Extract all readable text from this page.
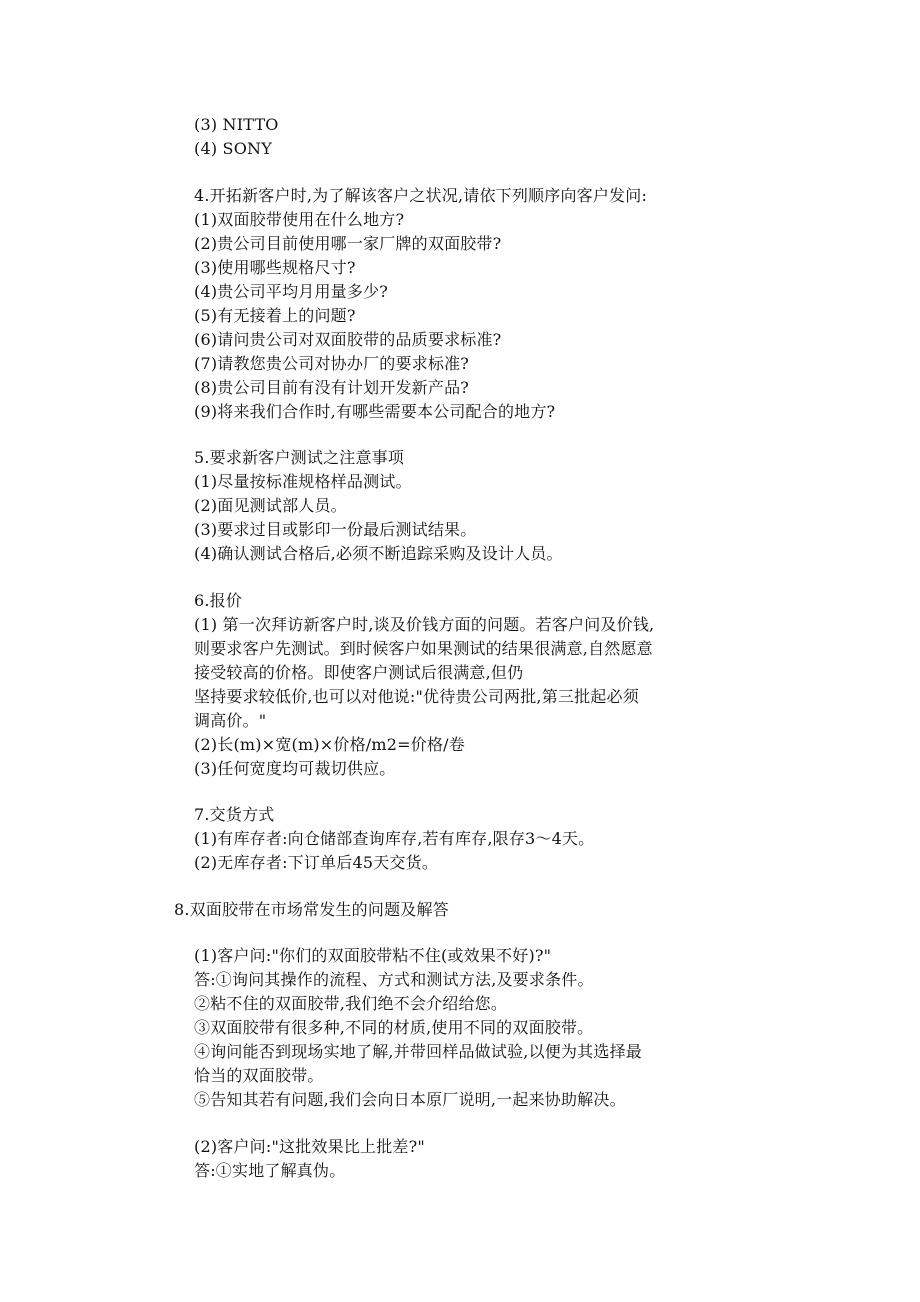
(3) NITTO
(4) SONY
4.开拓新客户时,为了解该客户之状况,请依下列顺序向客户发问:
(1)双面胶带使用在什么地方?
(2)贵公司目前使用哪一家厂牌的双面胶带?
(3)使用哪些规格尺寸?
(4)贵公司平均月用量多少?
(5)有无接着上的问题?
(6)请问贵公司对双面胶带的品质要求标准?
(7)请教您贵公司对协办厂的要求标准?
(8)贵公司目前有没有计划开发新产品?
(9)将来我们合作时,有哪些需要本公司配合的地方?
5.要求新客户测试之注意事项
(1)尽量按标准规格样品测试。
(2)面见测试部人员。
(3)要求过目或影印一份最后测试结果。
(4)确认测试合格后,必须不断追踪采购及设计人员。
6.报价
(1) 第一次拜访新客户时,谈及价钱方面的问题。若客户问及价钱,
则要求客户先测试。到时候客户如果测试的结果很满意,自然愿意
接受较高的价格。即使客户测试后很满意,但仍
坚持要求较低价,也可以对他说:"优待贵公司两批,第三批起必须
调高价。"
(2)长(m)×宽(m)×价格/m2=价格/卷
(3)任何宽度均可裁切供应。
7.交货方式
(1)有库存者:向仓储部查询库存,若有库存,限存3～4天。
(2)无库存者:下订单后45天交货。
8.双面胶带在市场常发生的问题及解答
(1)客户问:"你们的双面胶带粘不住(或效果不好)?"
答:①询问其操作的流程、方式和测试方法,及要求条件。
②粘不住的双面胶带,我们绝不会介绍给您。
③双面胶带有很多种,不同的材质,使用不同的双面胶带。
④询问能否到现场实地了解,并带回样品做试验,以便为其选择最
恰当的双面胶带。
⑤告知其若有问题,我们会向日本原厂说明,一起来协助解决。
(2)客户问:"这批效果比上批差?"
答:①实地了解真伪。
